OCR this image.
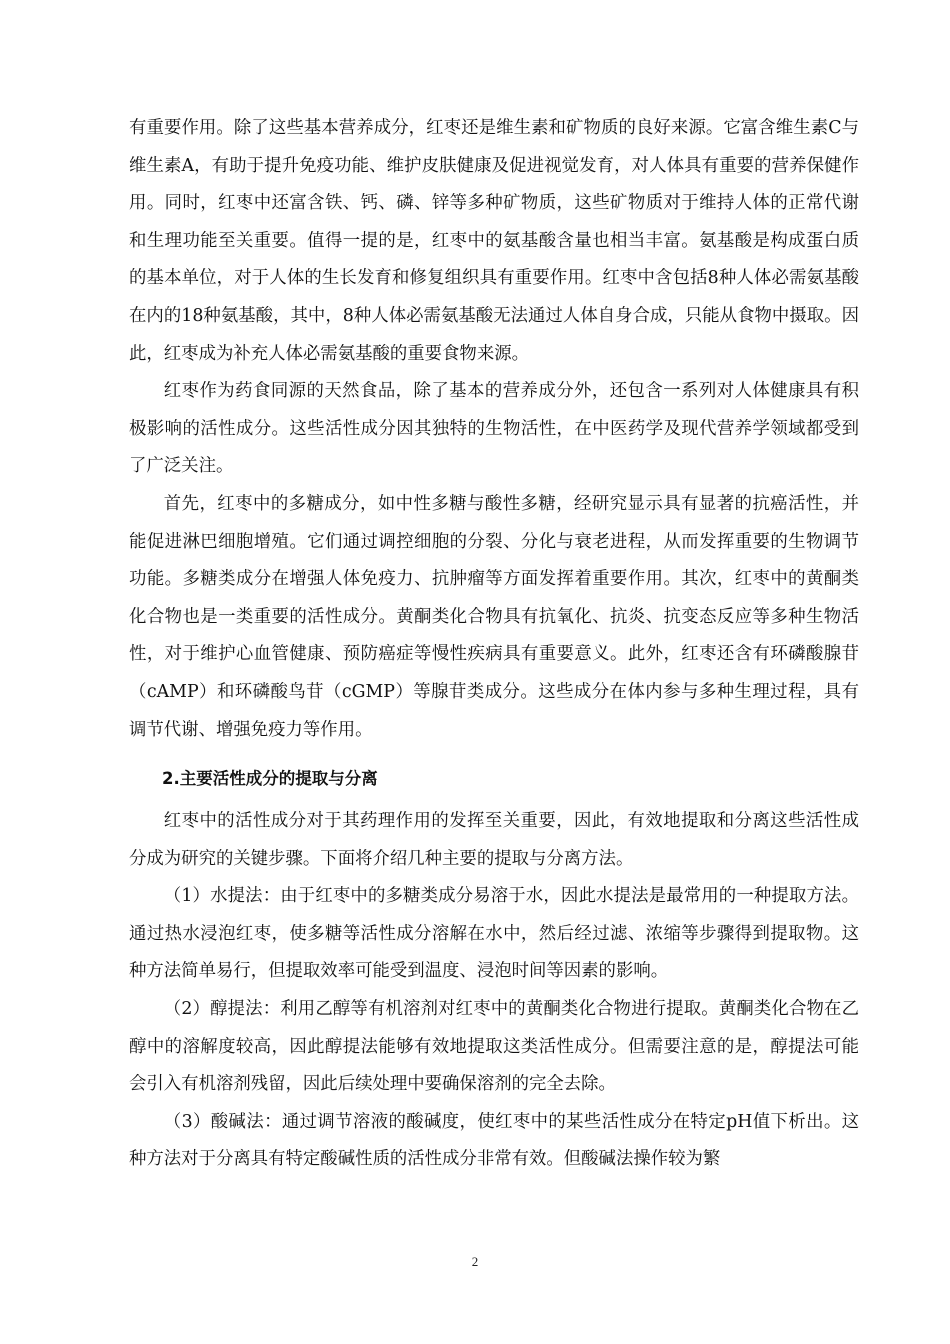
有重要作用。除了这些基本营养成分，红枣还是维生素和矿物质的良好来源。它富含维生素C与维生素A，有助于提升免疫功能、维护皮肤健康及促进视觉发育，对人体具有重要的营养保健作用。同时，红枣中还富含铁、钙、磷、锌等多种矿物质，这些矿物质对于维持人体的正常代谢和生理功能至关重要。值得一提的是，红枣中的氨基酸含量也相当丰富。氨基酸是构成蛋白质的基本单位，对于人体的生长发育和修复组织具有重要作用。红枣中含包括8种人体必需氨基酸在内的18种氨基酸，其中，8种人体必需氨基酸无法通过人体自身合成，只能从食物中摄取。因此，红枣成为补充人体必需氨基酸的重要食物来源。

红枣作为药食同源的天然食品，除了基本的营养成分外，还包含一系列对人体健康具有积极影响的活性成分。这些活性成分因其独特的生物活性，在中医药学及现代营养学领域都受到了广泛关注。

首先，红枣中的多糖成分，如中性多糖与酸性多糖，经研究显示具有显著的抗癌活性，并能促进淋巴细胞增殖。它们通过调控细胞的分裂、分化与衰老进程，从而发挥重要的生物调节功能。多糖类成分在增强人体免疫力、抗肿瘤等方面发挥着重要作用。其次，红枣中的黄酮类化合物也是一类重要的活性成分。黄酮类化合物具有抗氧化、抗炎、抗变态反应等多种生物活性，对于维护心血管健康、预防癌症等慢性疾病具有重要意义。此外，红枣还含有环磷酸腺苷（cAMP）和环磷酸鸟苷（cGMP）等腺苷类成分。这些成分在体内参与多种生理过程，具有调节代谢、增强免疫力等作用。

2.主要活性成分的提取与分离

红枣中的活性成分对于其药理作用的发挥至关重要，因此，有效地提取和分离这些活性成分成为研究的关键步骤。下面将介绍几种主要的提取与分离方法。

（1）水提法：由于红枣中的多糖类成分易溶于水，因此水提法是最常用的一种提取方法。通过热水浸泡红枣，使多糖等活性成分溶解在水中，然后经过滤、浓缩等步骤得到提取物。这种方法简单易行，但提取效率可能受到温度、浸泡时间等因素的影响。

（2）醇提法：利用乙醇等有机溶剂对红枣中的黄酮类化合物进行提取。黄酮类化合物在乙醇中的溶解度较高，因此醇提法能够有效地提取这类活性成分。但需要注意的是，醇提法可能会引入有机溶剂残留，因此后续处理中要确保溶剂的完全去除。

（3）酸碱法：通过调节溶液的酸碱度，使红枣中的某些活性成分在特定pH值下析出。这种方法对于分离具有特定酸碱性质的活性成分非常有效。但酸碱法操作较为繁

2
